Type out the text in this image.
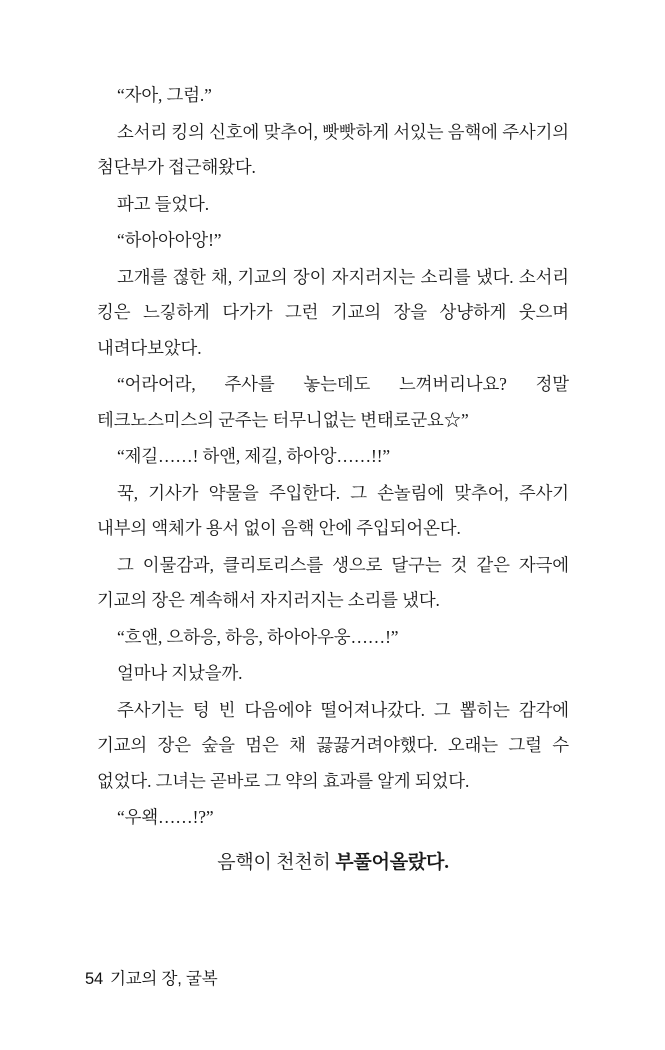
“자아, 그럼.”

소서리 킹의 신호에 맞추어, 빳빳하게 서있는 음핵에 주사기의 첨단부가 접근해왔다.

파고 들었다.

“하아아아앙!”

고개를 젾한 채, 기교의 장이 자지러지는 소리를 냈다. 소서리 킹은 느깋하게 다가가 그런 기교의 장을 상냥하게 웃으며 내려다보았다.

“어라어라, 주사를 놓는데도 느껴버리나요? 정말 테크노스미스의 군주는 터무니없는 변태로군요☆”

“제길……! 하앤, 제길, 하아앙……!!”

꾹, 기사가 약물을 주입한다. 그 손놀림에 맞추어, 주사기 내부의 액체가 용서 없이 음핵 안에 주입되어온다.

그 이물감과, 클리토리스를 생으로 달구는 것 같은 자극에 기교의 장은 계속해서 자지러지는 소리를 냈다.

“흐앤, 으하응, 하응, 하아아우웅……!”

얼마나 지났을까.

주사기는 텅 빈 다음에야 떨어져나갔다. 그 뽑히는 감각에 기교의 장은 숲을 멈은 채 끓끓거려야했다. 오래는 그럴 수 없었다. 그녀는 곧바로 그 약의 효과를 알게 되었다.

“우왝……!?”

음핵이 천천히 부풀어올랐다.
54 기교의 장, 굴복
